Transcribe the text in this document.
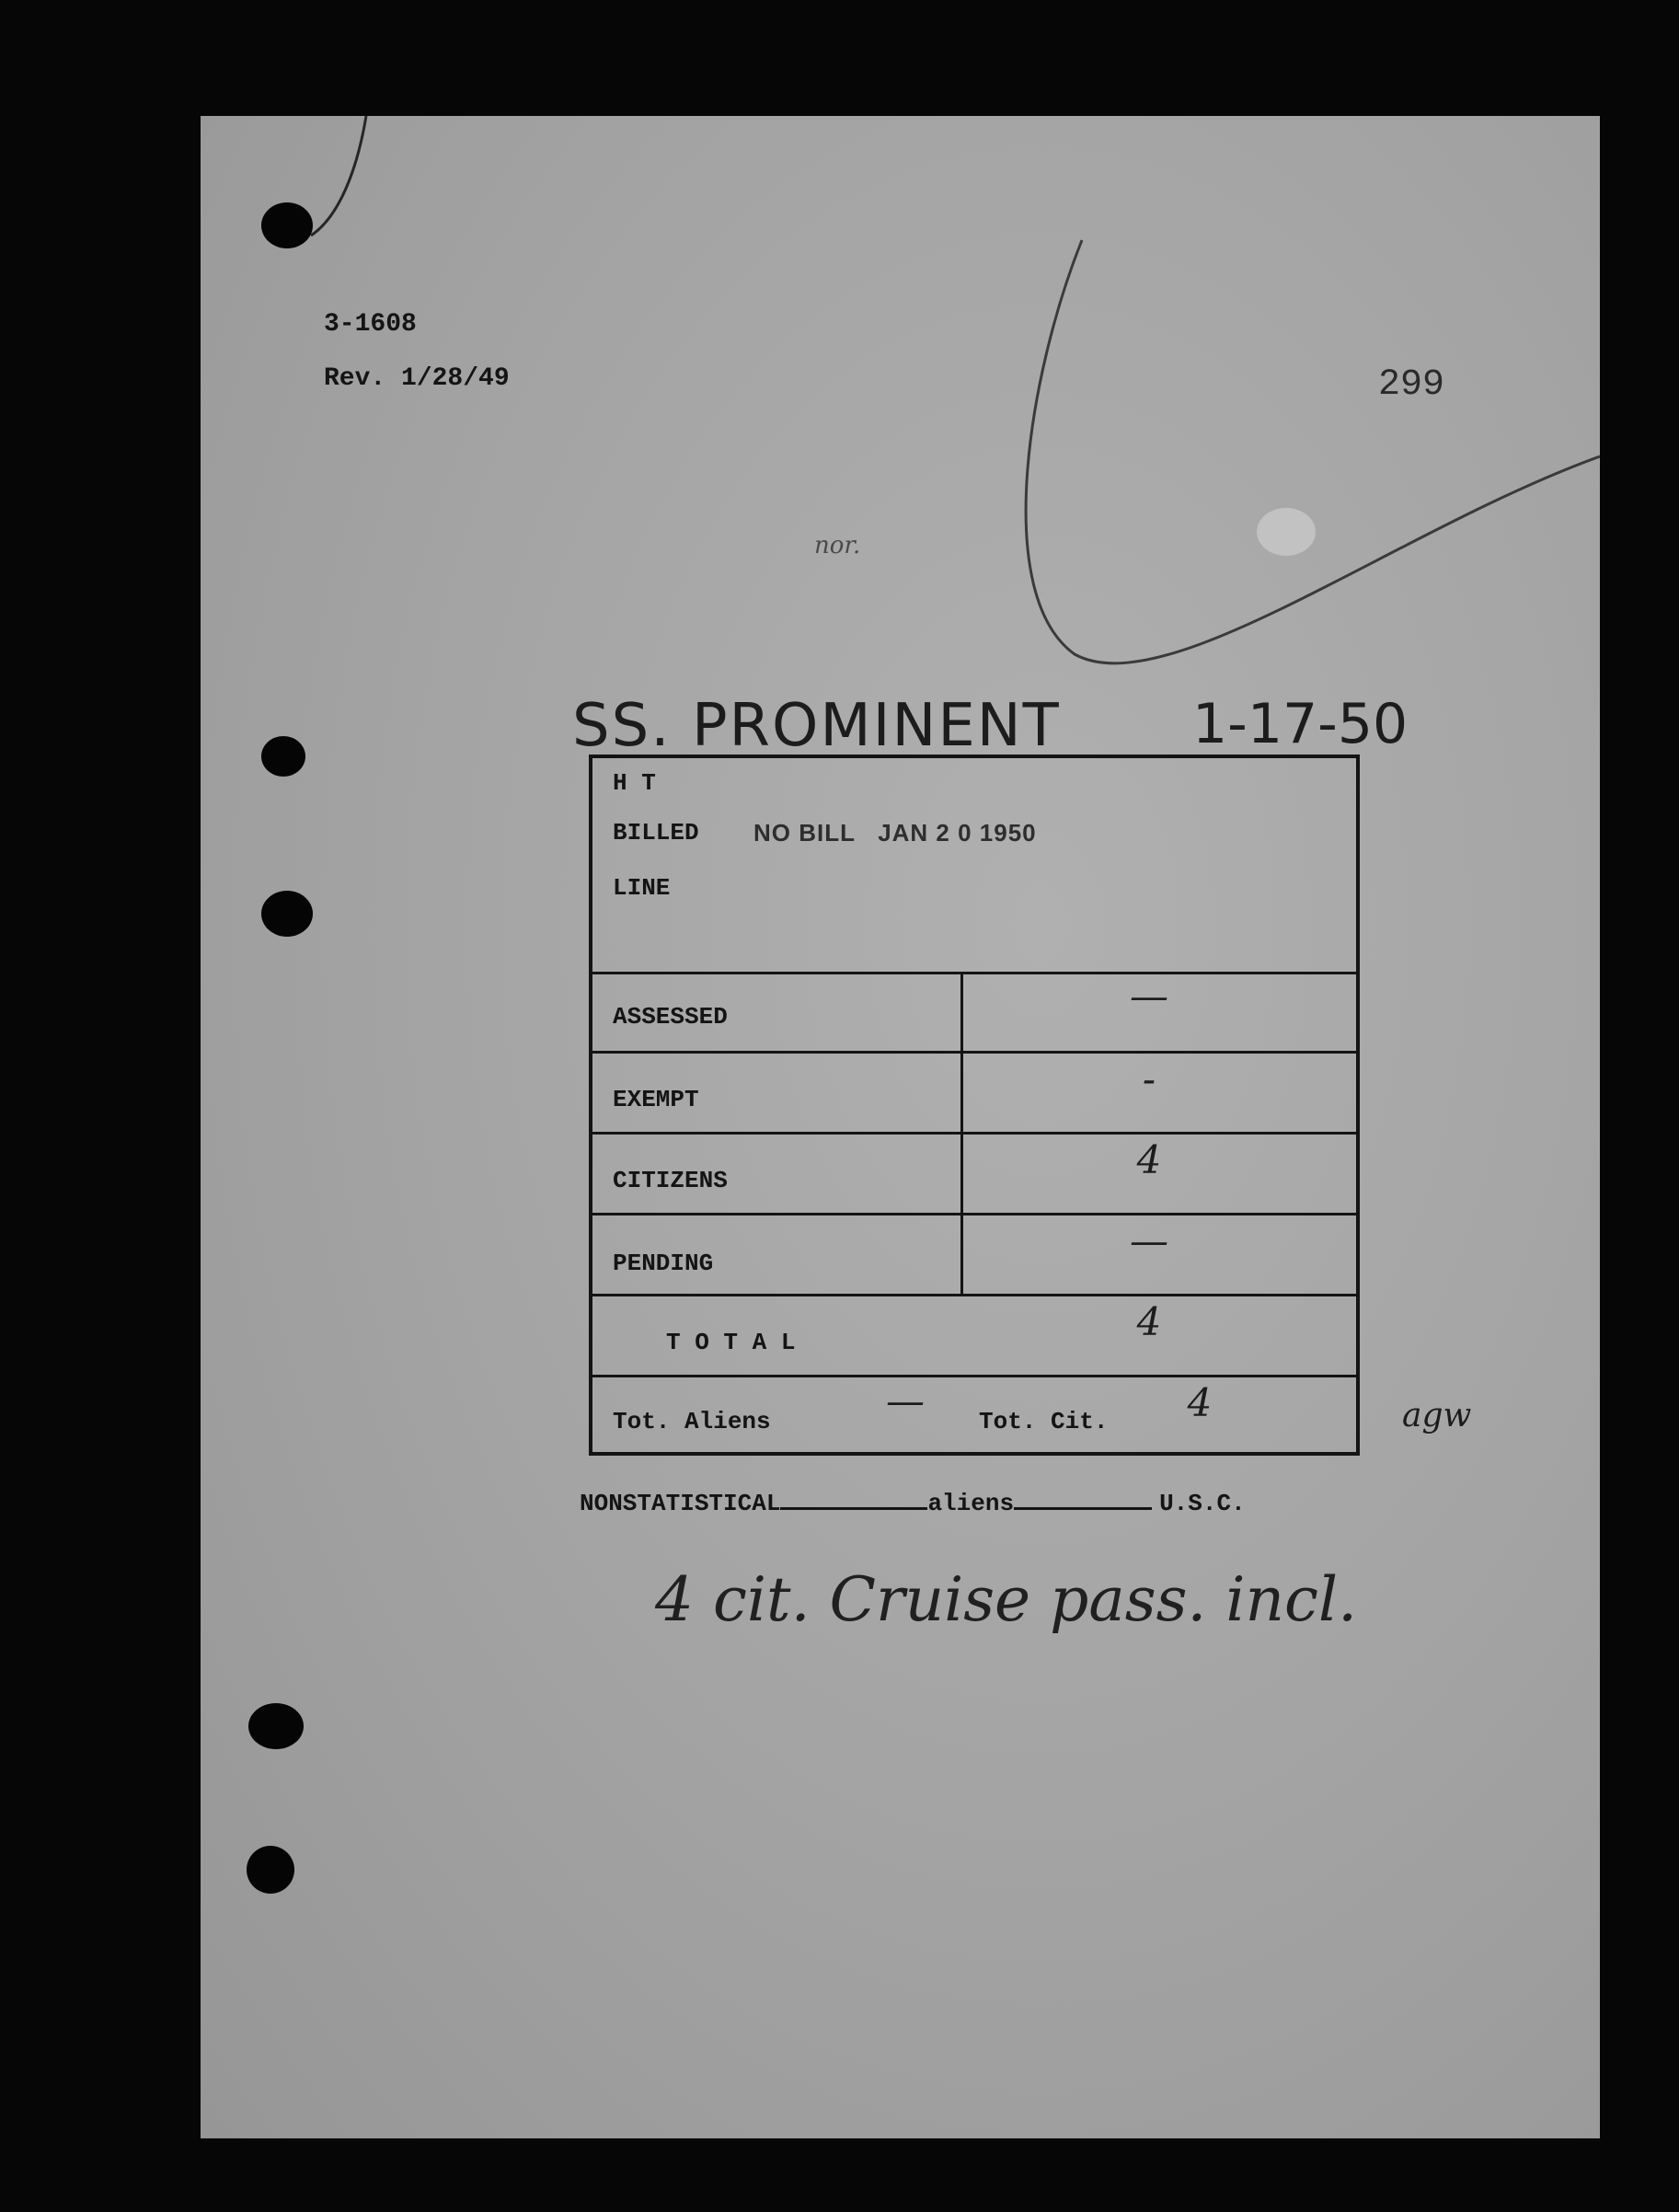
3-1608
Rev. 1/28/49	299
nor.
SS. PROMINENT 1-17-50
H T
BILLED NO BILL   JAN 2 0 1950
LINE
ASSESSED	—
EXEMPT	-
CITIZENS	4
PENDING	—
T O T A L	4
Tot. Aliens	—	Tot. Cit.	4	agw
NONSTATISTICAL	aliens	U.S.C.
4 cit. Cruise pass. incl.
